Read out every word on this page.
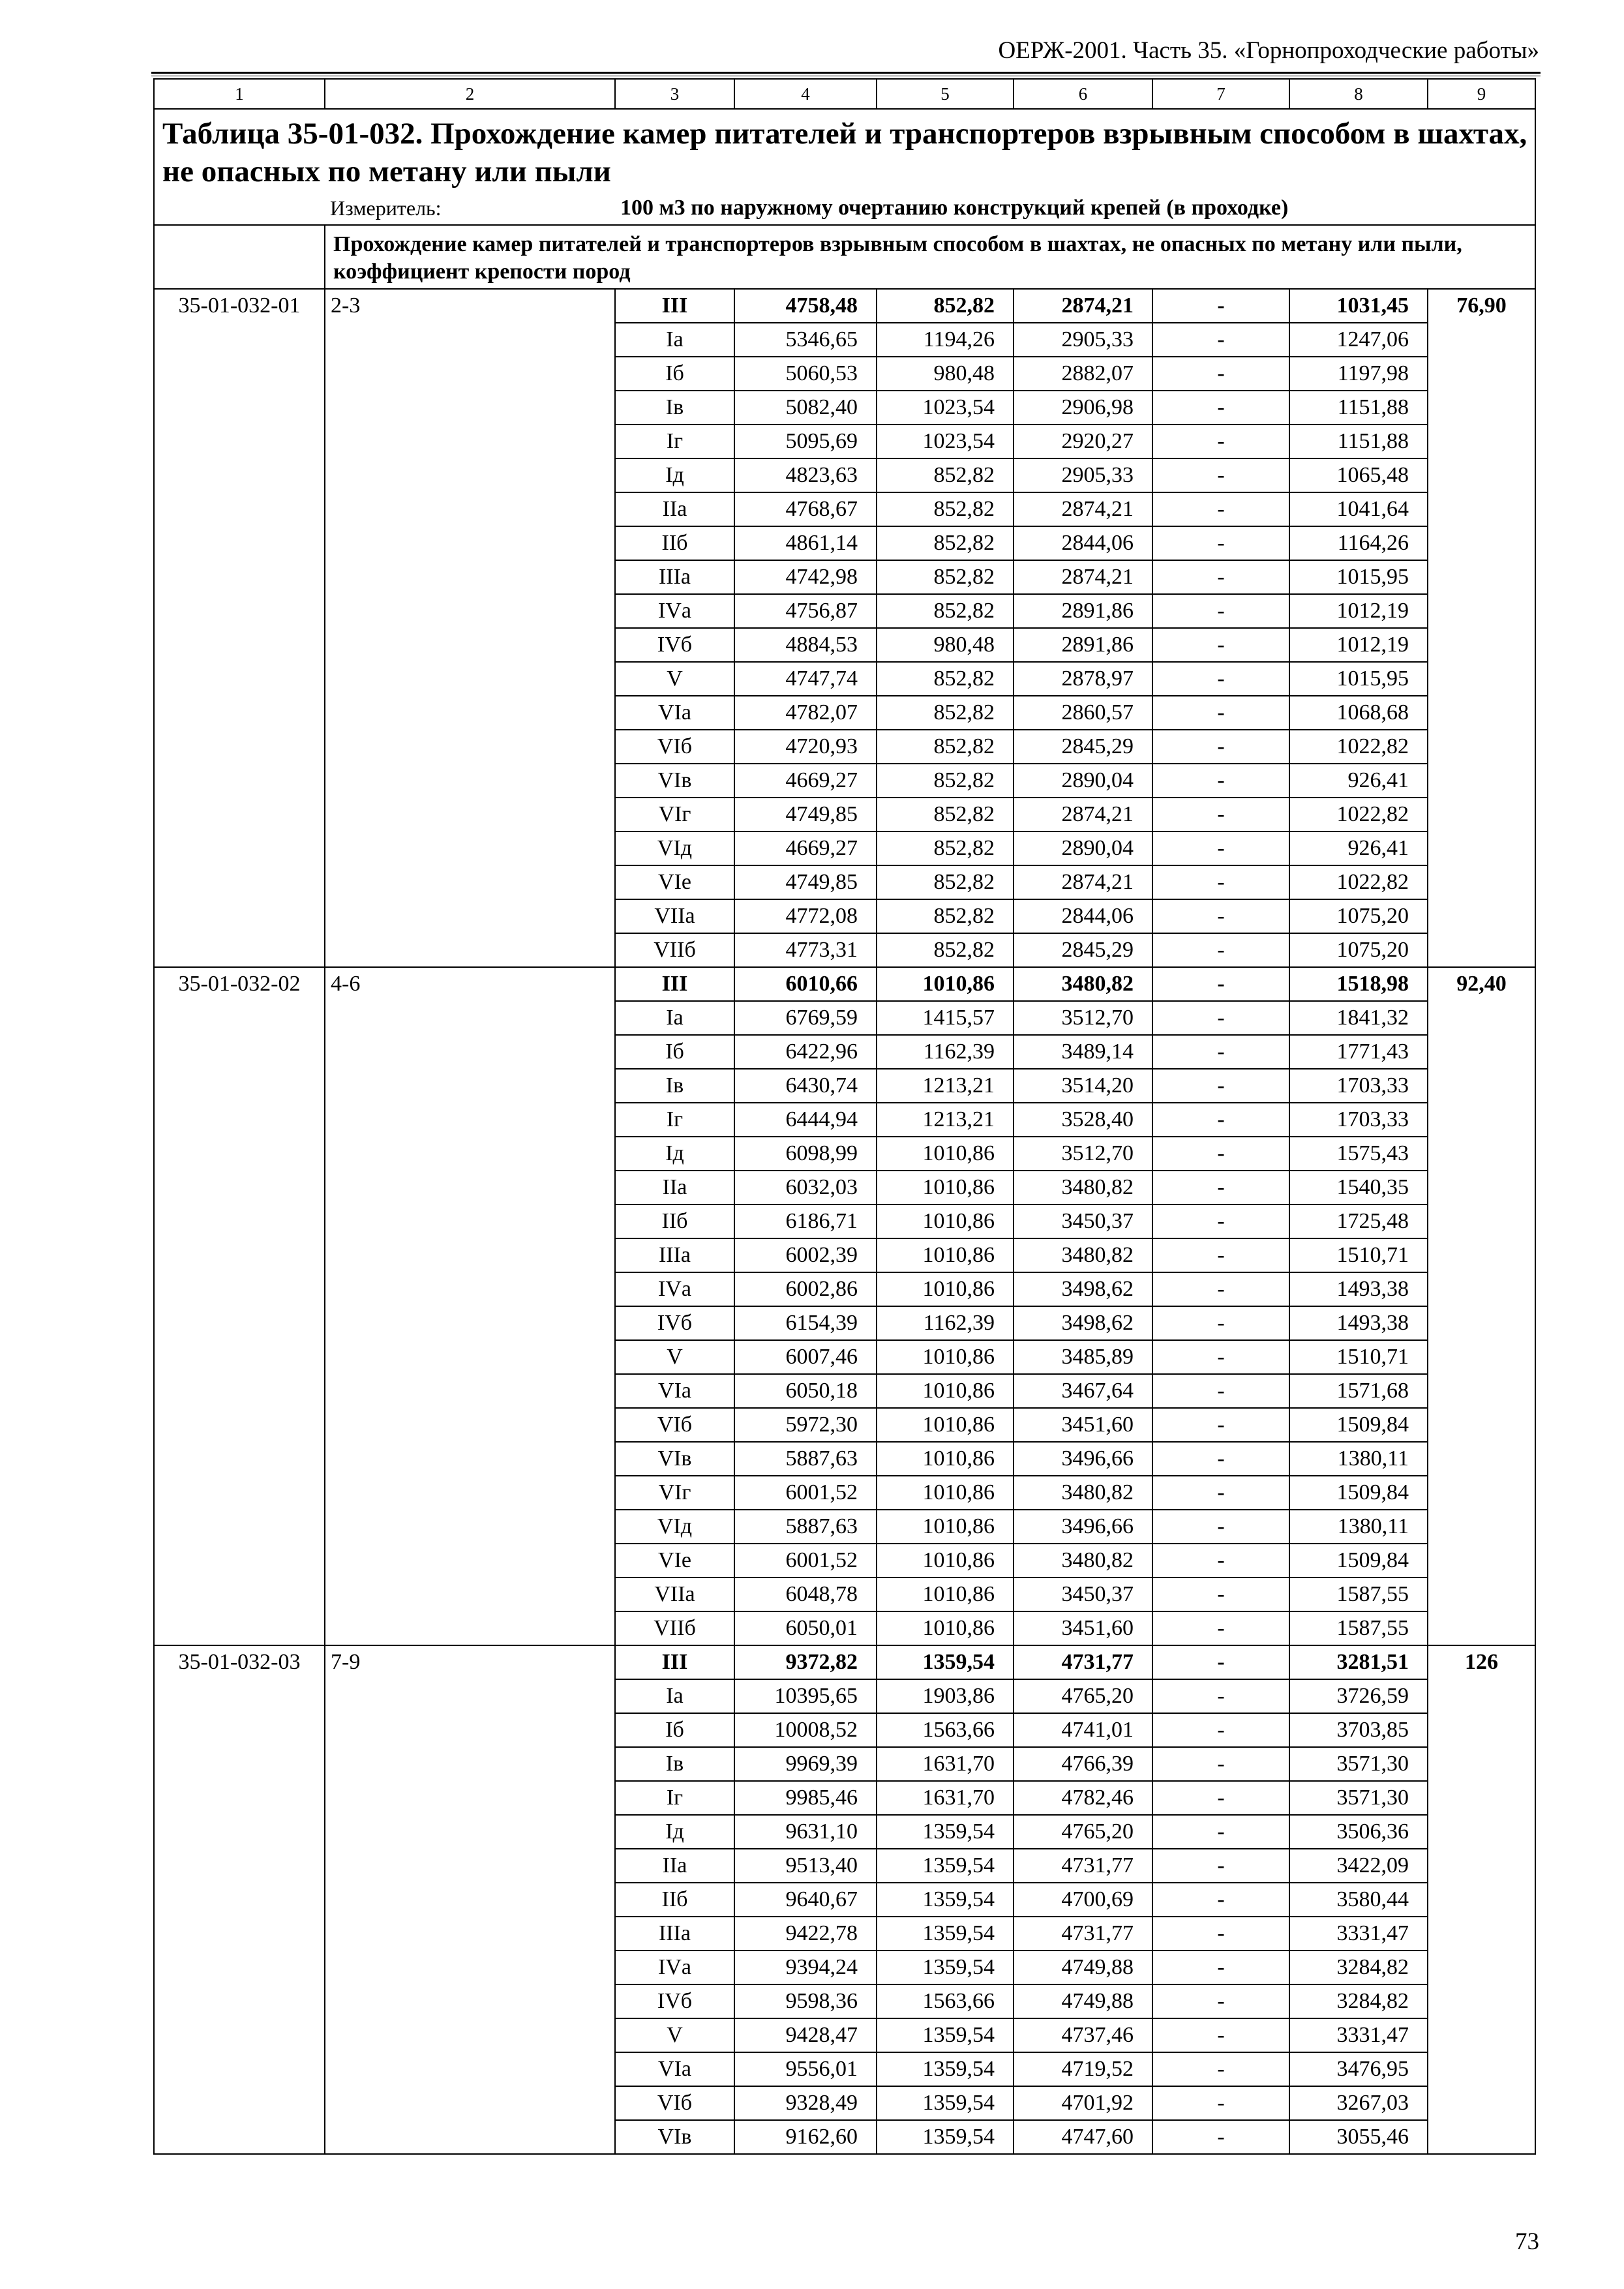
ОЕРЖ-2001. Часть 35. «Горнопроходческие работы»
1	2	3	4	5	6	7	8	9
Таблица 35-01-032. Прохождение камер питателей и транспортеров взрывным способом в шахтах, не опасных по метану или пыли								
	Измеритель:	100 м3 по наружному очертанию конструкций крепей (в проходке)						
	Прохождение камер питателей и транспортеров взрывным способом в шахтах, не опасных по метану или пыли, коэффициент крепости пород							
35-01-032-01	2-3	III	4758,48	852,82	2874,21	-	1031,45	76,90
		Iа	5346,65	1194,26	2905,33	-	1247,06	
		Iб	5060,53	980,48	2882,07	-	1197,98	
		Iв	5082,40	1023,54	2906,98	-	1151,88	
		Iг	5095,69	1023,54	2920,27	-	1151,88	
		Iд	4823,63	852,82	2905,33	-	1065,48	
		IIа	4768,67	852,82	2874,21	-	1041,64	
		IIб	4861,14	852,82	2844,06	-	1164,26	
		IIIа	4742,98	852,82	2874,21	-	1015,95	
		IVа	4756,87	852,82	2891,86	-	1012,19	
		IVб	4884,53	980,48	2891,86	-	1012,19	
		V	4747,74	852,82	2878,97	-	1015,95	
		VIа	4782,07	852,82	2860,57	-	1068,68	
		VIб	4720,93	852,82	2845,29	-	1022,82	
		VIв	4669,27	852,82	2890,04	-	926,41	
		VIг	4749,85	852,82	2874,21	-	1022,82	
		VIд	4669,27	852,82	2890,04	-	926,41	
		VIе	4749,85	852,82	2874,21	-	1022,82	
		VIIа	4772,08	852,82	2844,06	-	1075,20	
		VIIб	4773,31	852,82	2845,29	-	1075,20	
35-01-032-02	4-6	III	6010,66	1010,86	3480,82	-	1518,98	92,40
		Iа	6769,59	1415,57	3512,70	-	1841,32	
		Iб	6422,96	1162,39	3489,14	-	1771,43	
		Iв	6430,74	1213,21	3514,20	-	1703,33	
		Iг	6444,94	1213,21	3528,40	-	1703,33	
		Iд	6098,99	1010,86	3512,70	-	1575,43	
		IIа	6032,03	1010,86	3480,82	-	1540,35	
		IIб	6186,71	1010,86	3450,37	-	1725,48	
		IIIа	6002,39	1010,86	3480,82	-	1510,71	
		IVа	6002,86	1010,86	3498,62	-	1493,38	
		IVб	6154,39	1162,39	3498,62	-	1493,38	
		V	6007,46	1010,86	3485,89	-	1510,71	
		VIа	6050,18	1010,86	3467,64	-	1571,68	
		VIб	5972,30	1010,86	3451,60	-	1509,84	
		VIв	5887,63	1010,86	3496,66	-	1380,11	
		VIг	6001,52	1010,86	3480,82	-	1509,84	
		VIд	5887,63	1010,86	3496,66	-	1380,11	
		VIе	6001,52	1010,86	3480,82	-	1509,84	
		VIIа	6048,78	1010,86	3450,37	-	1587,55	
		VIIб	6050,01	1010,86	3451,60	-	1587,55	
35-01-032-03	7-9	III	9372,82	1359,54	4731,77	-	3281,51	126
		Iа	10395,65	1903,86	4765,20	-	3726,59	
		Iб	10008,52	1563,66	4741,01	-	3703,85	
		Iв	9969,39	1631,70	4766,39	-	3571,30	
		Iг	9985,46	1631,70	4782,46	-	3571,30	
		Iд	9631,10	1359,54	4765,20	-	3506,36	
		IIа	9513,40	1359,54	4731,77	-	3422,09	
		IIб	9640,67	1359,54	4700,69	-	3580,44	
		IIIа	9422,78	1359,54	4731,77	-	3331,47	
		IVа	9394,24	1359,54	4749,88	-	3284,82	
		IVб	9598,36	1563,66	4749,88	-	3284,82	
		V	9428,47	1359,54	4737,46	-	3331,47	
		VIа	9556,01	1359,54	4719,52	-	3476,95	
		VIб	9328,49	1359,54	4701,92	-	3267,03	
		VIв	9162,60	1359,54	4747,60	-	3055,46	
73
